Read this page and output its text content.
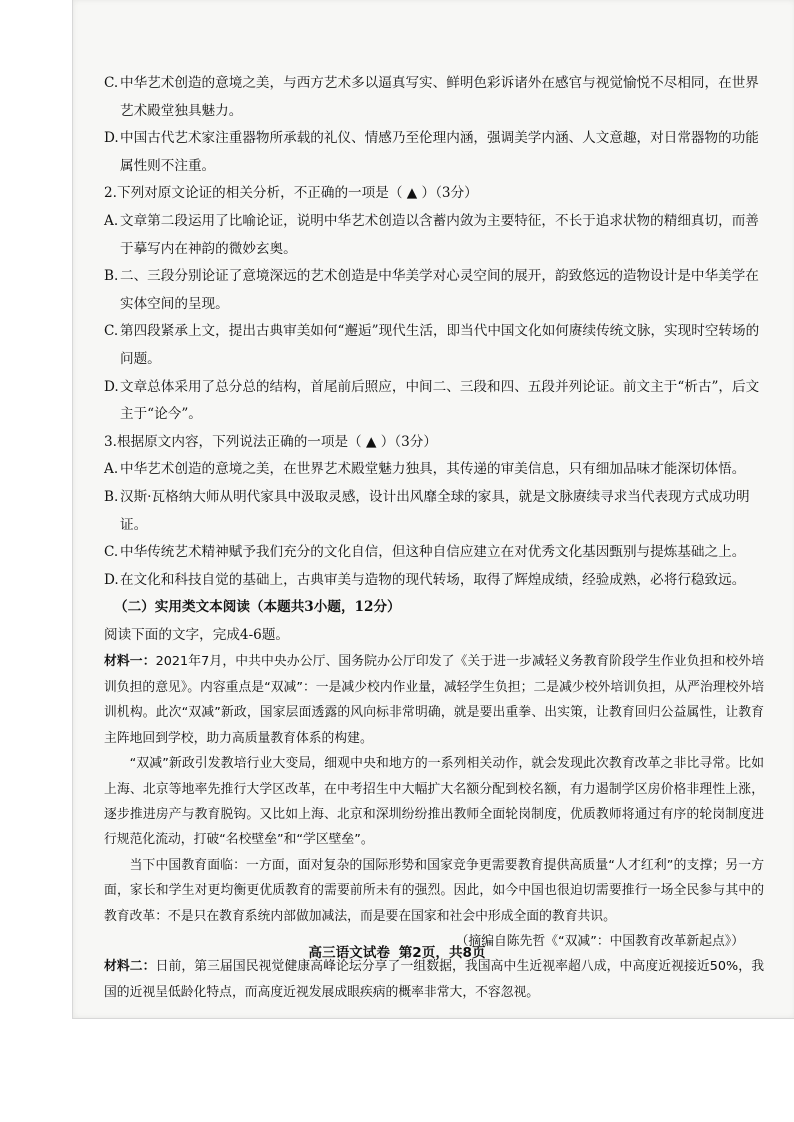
C. 中华艺术创造的意境之美，与西方艺术多以逼真写实、鲜明色彩诉诸外在感官与视觉愉悦不尽相同，在世界艺术殿堂独具魅力。
D. 中国古代艺术家注重器物所承载的礼仪、情感乃至伦理内涵，强调美学内涵、人文意趣，对日常器物的功能属性则不注重。

2.下列对原文论证的相关分析，不正确的一项是（ ▲ ）（3分）

A. 文章第二段运用了比喻论证，说明中华艺术创造以含蓄内敛为主要特征，不长于追求状物的精细真切，而善于摹写内在神韵的微妙玄奥。
B. 二、三段分别论证了意境深远的艺术创造是中华美学对心灵空间的展开，韵致悠远的造物设计是中华美学在实体空间的呈现。
C. 第四段紧承上文，提出古典审美如何“邂逅”现代生活，即当代中国文化如何赓续传统文脉，实现时空转场的问题。
D. 文章总体采用了总分总的结构，首尾前后照应，中间二、三段和四、五段并列论证。前文主于“析古”，后文主于“论今”。

3.根据原文内容，下列说法正确的一项是（ ▲ ）（3分）

A. 中华艺术创造的意境之美，在世界艺术殿堂魅力独具，其传递的审美信息，只有细加品味才能深切体悟。
B. 汉斯·瓦格纳大师从明代家具中汲取灵感，设计出风靡全球的家具，就是文脉赓续寻求当代表现方式成功明证。
C. 中华传统艺术精神赋予我们充分的文化自信，但这种自信应建立在对优秀文化基因甄别与提炼基础之上。
D. 在文化和科技自觉的基础上，古典审美与造物的现代转场，取得了辉煌成绩，经验成熟，必将行稳致远。
（二）实用类文本阅读（本题共3小题，12分）

阅读下面的文字，完成4-6题。

材料一：2021年7月，中共中央办公厅、国务院办公厅印发了《关于进一步减轻义务教育阶段学生作业负担和校外培训负担的意见》。内容重点是“双减”：一是减少校内作业量，减轻学生负担；二是减少校外培训负担，从严治理校外培训机构。此次“双减”新政，国家层面透露的风向标非常明确，就是要出重拳、出实策，让教育回归公益属性，让教育主阵地回到学校，助力高质量教育体系的构建。
“双减”新政引发教培行业大变局，细观中央和地方的一系列相关动作，就会发现此次教育改革之非比寻常。比如上海、北京等地率先推行大学区改革，在中考招生中大幅扩大名额分配到校名额，有力遏制学区房价格非理性上涨，逐步推进房产与教育脱钩。又比如上海、北京和深圳纷纷推出教师全面轮岗制度，优质教师将通过有序的轮岗制度进行规范化流动，打破“名校壁垒”和“学区壁垒”。
当下中国教育面临：一方面，面对复杂的国际形势和国家竞争更需要教育提供高质量“人才红利”的支撑；另一方面，家长和学生对更均衡更优质教育的需要前所未有的强烈。因此，如今中国也很迫切需要推行一场全民参与其中的教育改革：不是只在教育系统内部做加减法，而是要在国家和社会中形成全面的教育共识。
（摘编自陈先哲《“双减”：中国教育改革新起点》）
材料二：日前，第三届国民视觉健康高峰论坛分享了一组数据，我国高中生近视率超八成，中高度近视接近50%，我国的近视呈低龄化特点，而高度近视发展成眼疾病的概率非常大，不容忽视。
高三语文试卷 第2页，共8页
